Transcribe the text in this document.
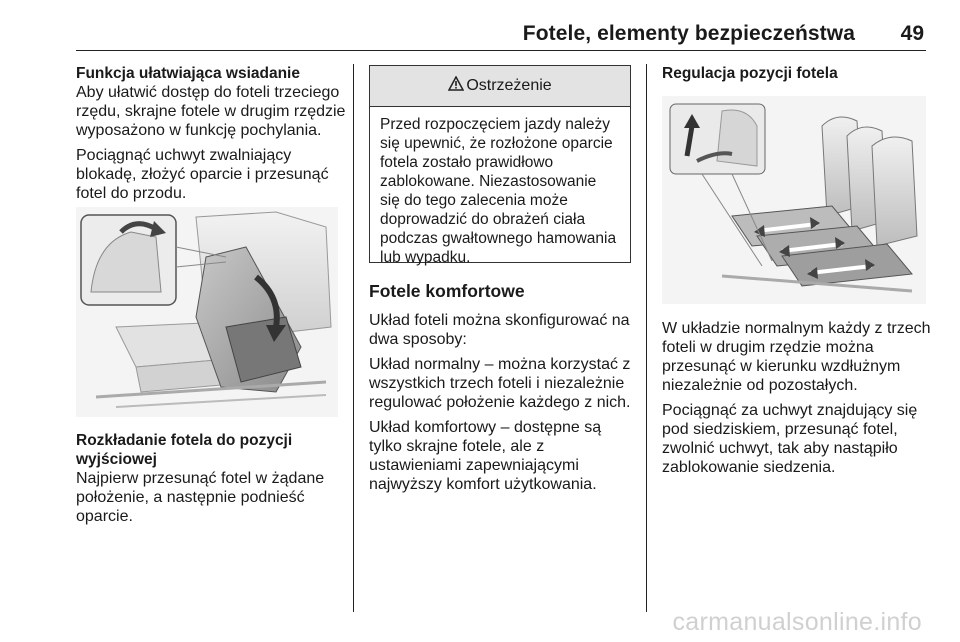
Fotele, elementy bezpieczeństwa 49
Funkcja ułatwiająca wsiadanie

Aby ułatwić dostęp do foteli trzeciego rzędu, skrajne fotele w drugim rzędzie wyposażono w funkcję pochylania.

Pociągnąć uchwyt zwalniający blokadę, złożyć oparcie i przesunąć fotel do przodu.

Rozkładanie fotela do pozycji wyjściowej

Najpierw przesunąć fotel w żądane położenie, a następnie podnieść oparcie.

Ostrzeżenie
Przed rozpoczęciem jazdy należy się upewnić, że rozłożone oparcie fotela zostało prawidłowo zablokowane. Niezastosowanie się do tego zalecenia może doprowadzić do obrażeń ciała podczas gwałtownego hamowania lub wypadku.
Fotele komfortowe

Układ foteli można skonfigurować na dwa sposoby:

Układ normalny – można korzystać z wszystkich trzech foteli i niezależnie regulować położenie każdego z nich.

Układ komfortowy – dostępne są tylko skrajne fotele, ale z ustawieniami zapewniającymi najwyższy komfort użytkowania.

Regulacja pozycji fotela

W układzie normalnym każdy z trzech foteli w drugim rzędzie można przesunąć w kierunku wzdłużnym niezależnie od pozostałych.

Pociągnąć za uchwyt znajdujący się pod siedziskiem, przesunąć fotel, zwolnić uchwyt, tak aby nastąpiło zablokowanie siedzenia.

carmanualsonline.info
